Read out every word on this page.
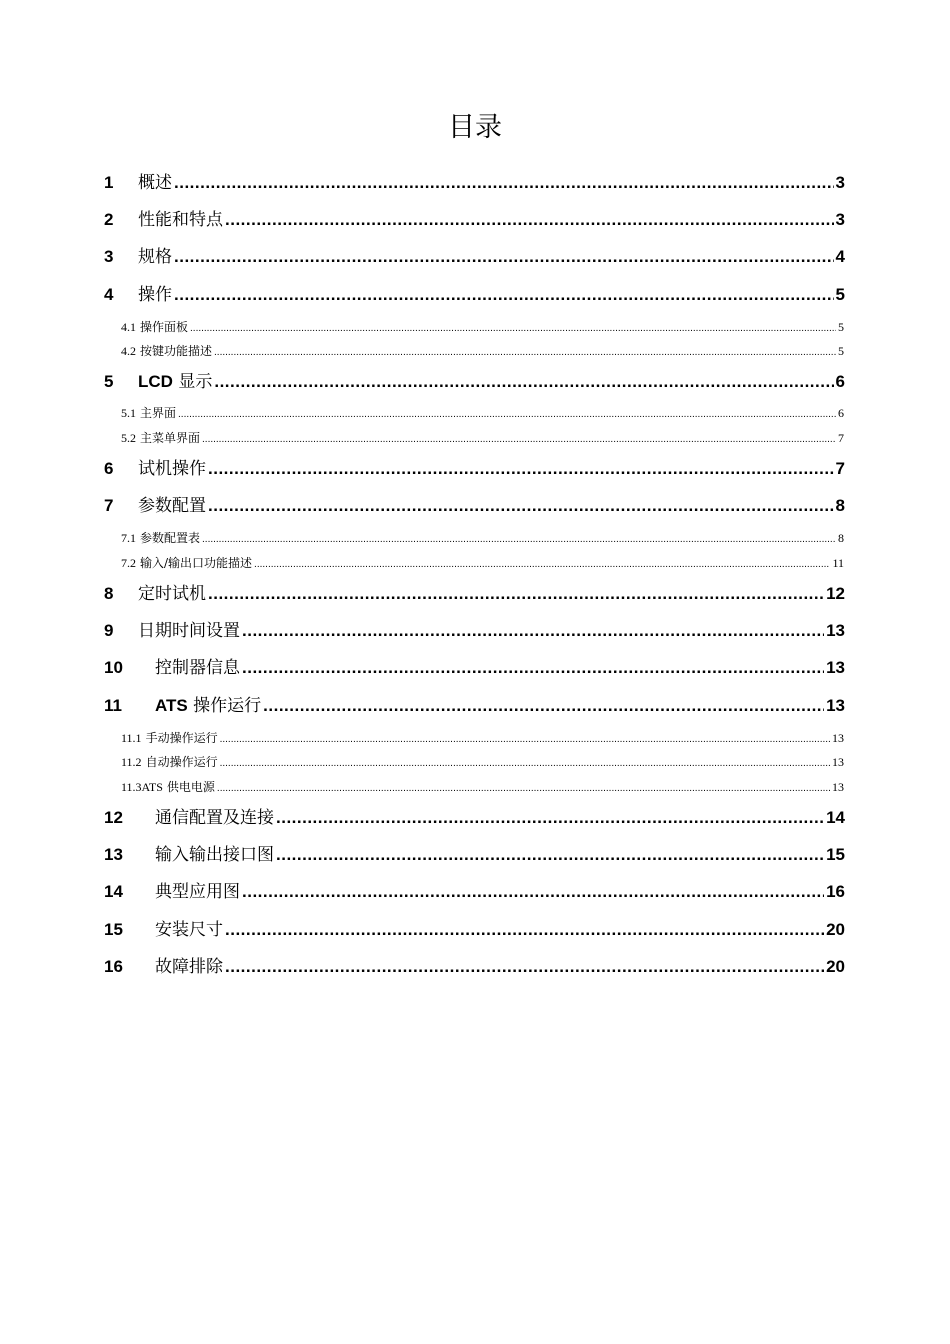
目录
1	概述 .....	3
2	性能和特点 .....	3
3	规格 .....	4
4	操作 .....	5
4.1 操作面板 .....	5
4.2 按键功能描述 .....	5
5	LCD 显示 .....	6
5.1 主界面 .....	6
5.2 主菜单界面 .....	7
6	试机操作 .....	7
7	参数配置 .....	8
7.1 参数配置表 .....	8
7.2 输入/输出口功能描述 .....	11
8	定时试机 .....	12
9	日期时间设置 .....	13
10	控制器信息 .....	13
11	ATS 操作运行 .....	13
11.1 手动操作运行 .....	13
11.2 自动操作运行 .....	13
11.3ATS 供电电源 .....	13
12	通信配置及连接 .....	14
13	输入输出接口图 .....	15
14	典型应用图 .....	16
15	安装尺寸 .....	20
16	故障排除 .....	20
